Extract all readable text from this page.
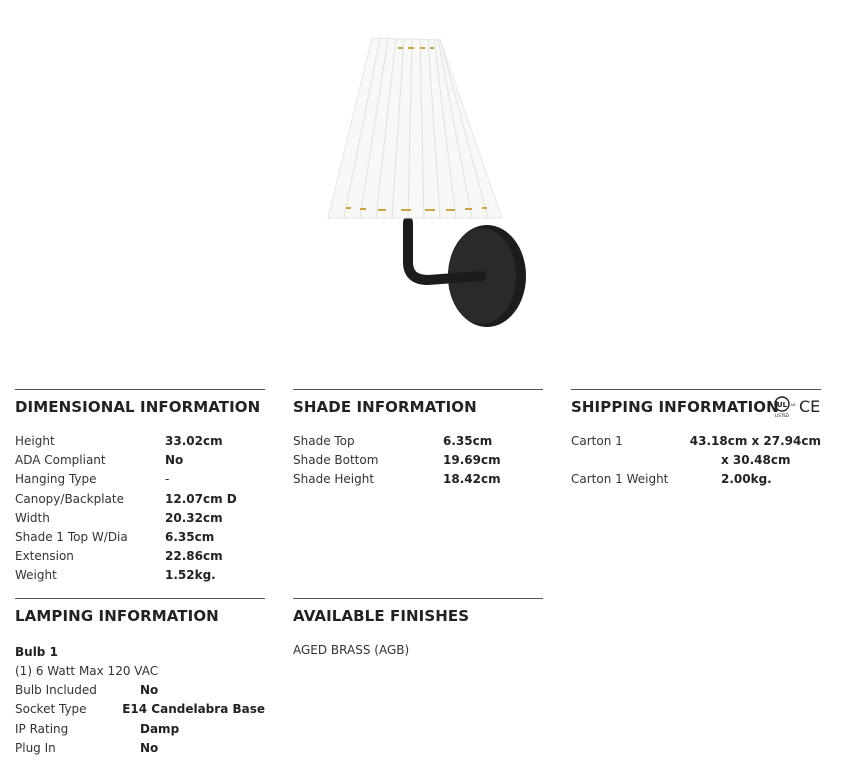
DIMENSIONAL INFORMATION
Height	33.02cm
ADA Compliant	No
Hanging Type	-
Canopy/Backplate	12.07cm D
Width	20.32cm
Shade 1 Top W/Dia	6.35cm
Extension	22.86cm
Weight	1.52kg.
SHADE INFORMATION
Shade Top	6.35cm
Shade Bottom	19.69cm
Shade Height	18.42cm
SHIPPING INFORMATION
Carton 1	43.18cm x 27.94cm
x 30.48cm
Carton 1 Weight	2.00kg.
UL
LISTED
us CE
LAMPING INFORMATION
Bulb 1
(1) 6 Watt Max 120 VAC
Bulb Included	No
Socket Type	E14 Candelabra Base
IP Rating	Damp
Plug In	No
AVAILABLE FINISHES
AGED BRASS (AGB)
